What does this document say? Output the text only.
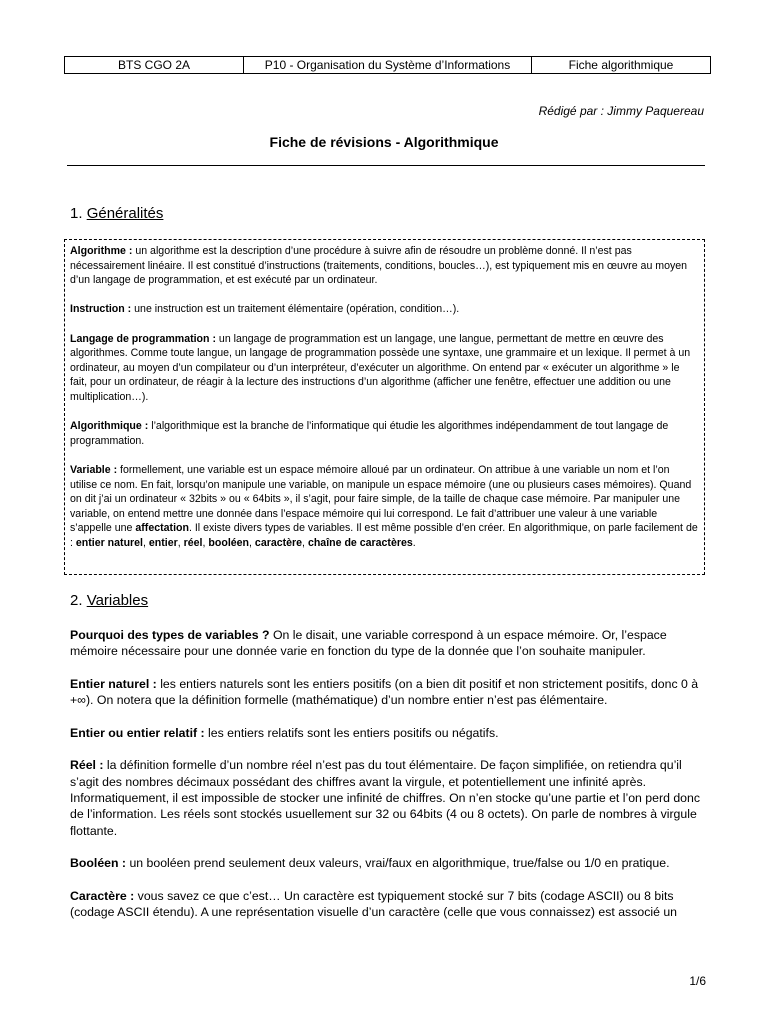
BTS CGO 2A	P10 - Organisation du Système d’Informations	Fiche algorithmique
Rédigé par : Jimmy Paquereau
Fiche de révisions - Algorithmique
1. Généralités

Algorithme : un algorithme est la description d’une procédure à suivre afin de résoudre un problème donné. Il n’est pas nécessairement linéaire. Il est constitué d’instructions (traitements, conditions, boucles…), est typiquement mis en œuvre au moyen d’un langage de programmation, et est exécuté par un ordinateur.

Instruction : une instruction est un traitement élémentaire (opération, condition…).

Langage de programmation : un langage de programmation est un langage, une langue, permettant de mettre en œuvre des algorithmes. Comme toute langue, un langage de programmation possède une syntaxe, une grammaire et un lexique. Il permet à un ordinateur, au moyen d’un compilateur ou d’un interpréteur, d’exécuter un algorithme. On entend par « exécuter un algorithme » le fait, pour un ordinateur, de réagir à la lecture des instructions d’un algorithme (afficher une fenêtre, effectuer une addition ou une multiplication…).

Algorithmique : l’algorithmique est la branche de l’informatique qui étudie les algorithmes indépendamment de tout langage de programmation.

Variable : formellement, une variable est un espace mémoire alloué par un ordinateur. On attribue à une variable un nom et l’on utilise ce nom. En fait, lorsqu’on manipule une variable, on manipule un espace mémoire (une ou plusieurs cases mémoires). Quand on dit j’ai un ordinateur « 32bits » ou « 64bits », il s’agit, pour faire simple, de la taille de chaque case mémoire. Par manipuler une variable, on entend mettre une donnée dans l’espace mémoire qui lui correspond. Le fait d’attribuer une valeur à une variable s’appelle une affectation. Il existe divers types de variables. Il est même possible d’en créer. En algorithmique, on parle facilement de : entier naturel, entier, réel, booléen, caractère, chaîne de caractères.

2. Variables

Pourquoi des types de variables ? On le disait, une variable correspond à un espace mémoire. Or, l’espace mémoire nécessaire pour une donnée varie en fonction du type de la donnée que l’on souhaite manipuler.

Entier naturel : les entiers naturels sont les entiers positifs (on a bien dit positif et non strictement positifs, donc 0 à +∞). On notera que la définition formelle (mathématique) d’un nombre entier n’est pas élémentaire.

Entier ou entier relatif : les entiers relatifs sont les entiers positifs ou négatifs.

Réel : la définition formelle d’un nombre réel n’est pas du tout élémentaire. De façon simplifiée, on retiendra qu’il s’agit des nombres décimaux possédant des chiffres avant la virgule, et potentiellement une infinité après. Informatiquement, il est impossible de stocker une infinité de chiffres. On n’en stocke qu’une partie et l’on perd donc de l’information. Les réels sont stockés usuellement sur 32 ou 64bits (4 ou 8 octets). On parle de nombres à virgule flottante.

Booléen : un booléen prend seulement deux valeurs, vrai/faux en algorithmique, true/false ou 1/0 en pratique.

Caractère : vous savez ce que c’est… Un caractère est typiquement stocké sur 7 bits (codage ASCII) ou 8 bits (codage ASCII étendu). A une représentation visuelle d’un caractère (celle que vous connaissez) est associé un

1/6
